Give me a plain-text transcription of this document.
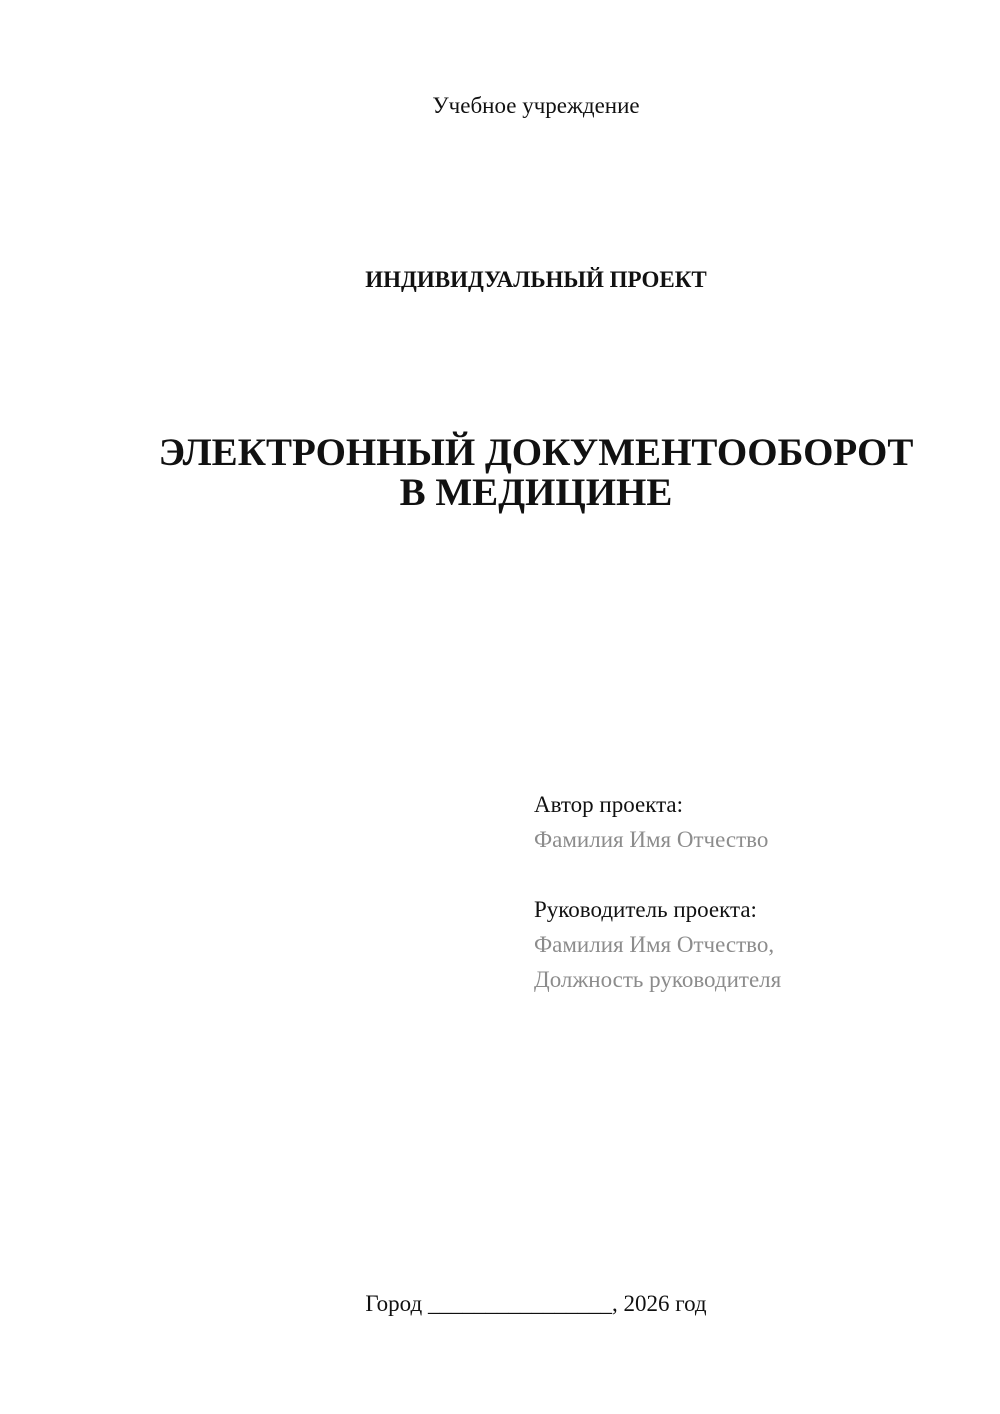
Учебное учреждение
ИНДИВИДУАЛЬНЫЙ ПРОЕКТ
ЭЛЕКТРОННЫЙ ДОКУМЕНТООБОРОТ
В МЕДИЦИНЕ
Автор проекта:
Фамилия Имя Отчество
Руководитель проекта:
Фамилия Имя Отчество,
Должность руководителя
Город ________________, 2026 год
